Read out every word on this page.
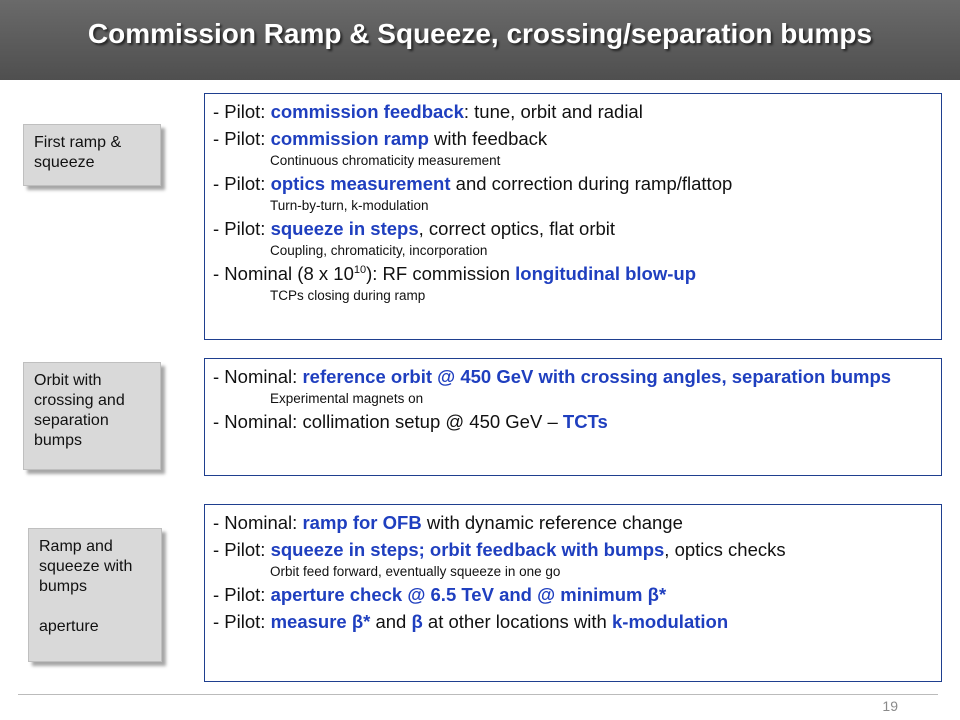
Commission Ramp & Squeeze, crossing/separation bumps
First ramp & squeeze
Orbit with crossing and separation bumps
Ramp and squeeze with bumps
aperture
- Pilot: commission feedback: tune, orbit and radial
- Pilot: commission ramp with feedback
Continuous chromaticity measurement
- Pilot: optics measurement and correction during ramp/flattop
Turn-by-turn, k-modulation
- Pilot: squeeze in steps, correct optics, flat orbit
Coupling, chromaticity, incorporation
- Nominal (8 x $10^{10}$): RF commission longitudinal blow-up
TCPs closing during ramp
- Nominal: reference orbit @ 450 GeV with crossing angles, separation bumps
Experimental magnets on
- Nominal: collimation setup @ 450 GeV – TCTs
- Nominal: ramp for OFB with dynamic reference change
- Pilot: squeeze in steps; orbit feedback with bumps, optics checks
Orbit feed forward, eventually squeeze in one go
- Pilot: aperture check @ 6.5 TeV and @ minimum β*
- Pilot: measure β* and β at other locations with k-modulation
19
